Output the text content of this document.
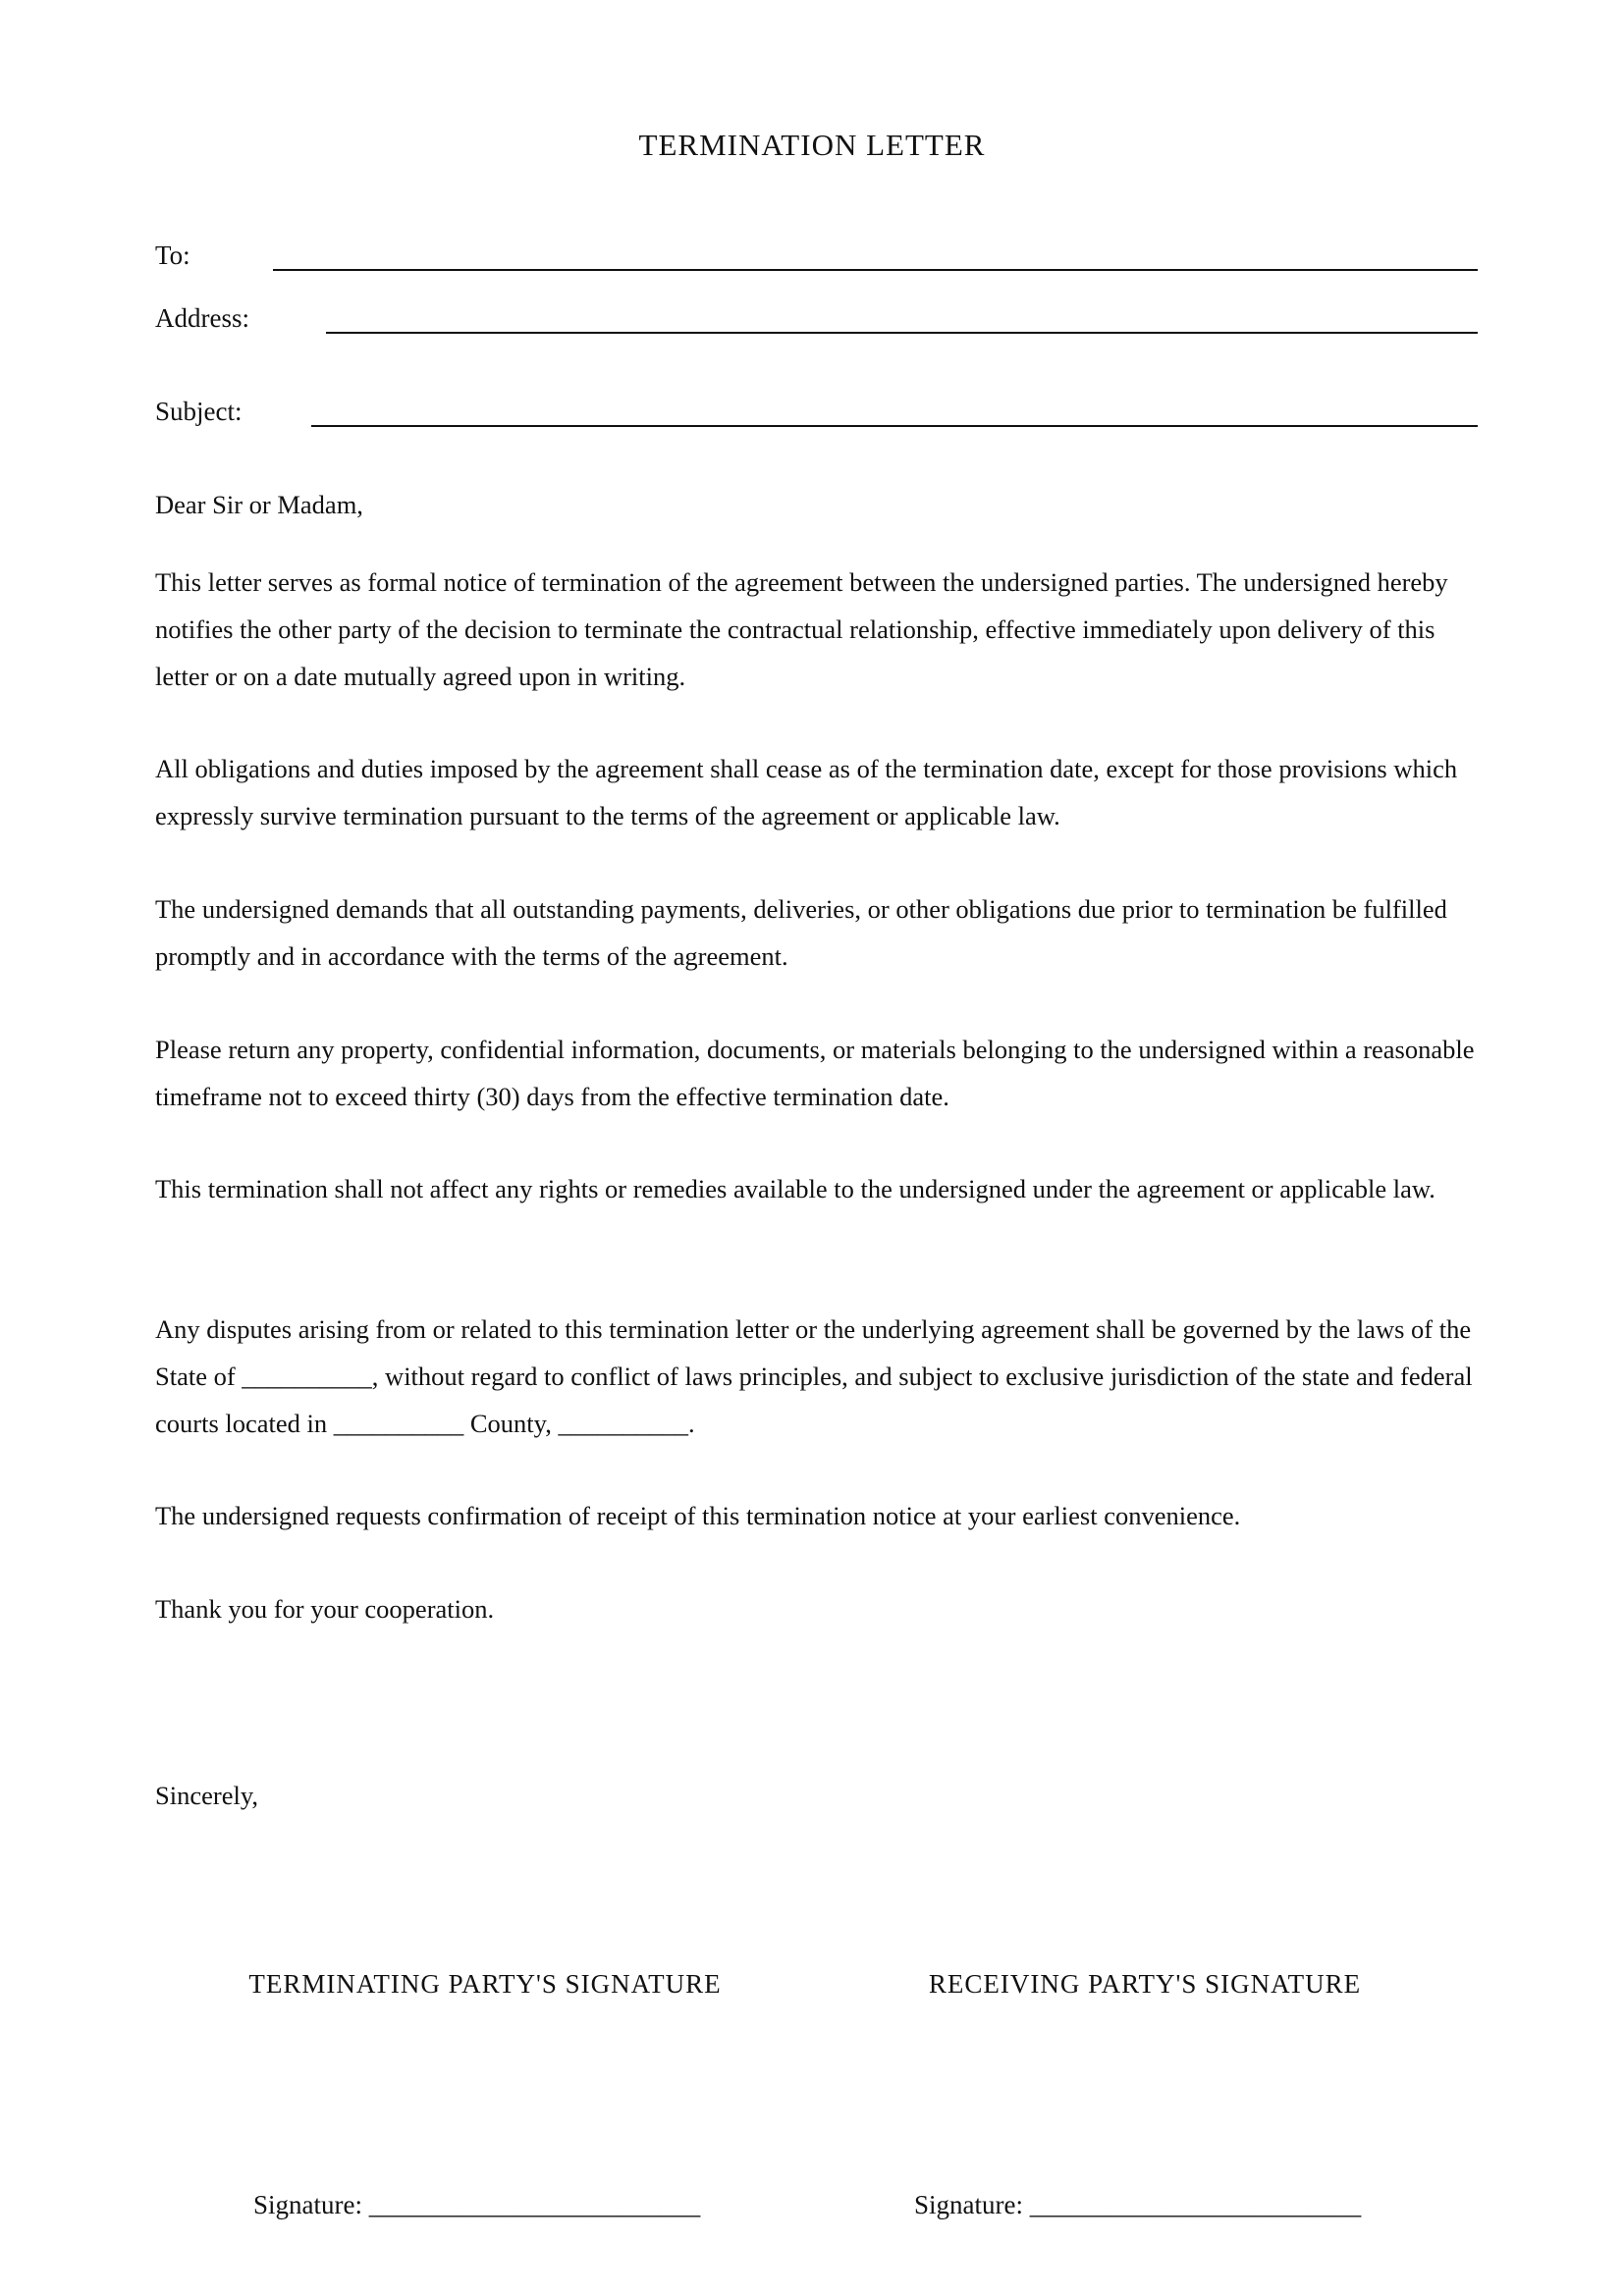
TERMINATION LETTER
To:
Address:
Subject:

Dear Sir or Madam,

This letter serves as formal notice of termination of the agreement between the undersigned parties. The undersigned hereby notifies the other party of the decision to terminate the contractual relationship, effective immediately upon delivery of this letter or on a date mutually agreed upon in writing.

All obligations and duties imposed by the agreement shall cease as of the termination date, except for those provisions which expressly survive termination pursuant to the terms of the agreement or applicable law.

The undersigned demands that all outstanding payments, deliveries, or other obligations due prior to termination be fulfilled promptly and in accordance with the terms of the agreement.

Please return any property, confidential information, documents, or materials belonging to the undersigned within a reasonable timeframe not to exceed thirty (30) days from the effective termination date.

This termination shall not affect any rights or remedies available to the undersigned under the agreement or applicable law.

Any disputes arising from or related to this termination letter or the underlying agreement shall be governed by the laws of the State of __________, without regard to conflict of laws principles, and subject to exclusive jurisdiction of the state and federal courts located in __________ County, __________.

The undersigned requests confirmation of receipt of this termination notice at your earliest convenience.

Thank you for your cooperation.

Sincerely,

TERMINATING PARTY'S SIGNATURE	RECEIVING PARTY'S SIGNATURE
Signature: _________________________	Signature: _________________________
